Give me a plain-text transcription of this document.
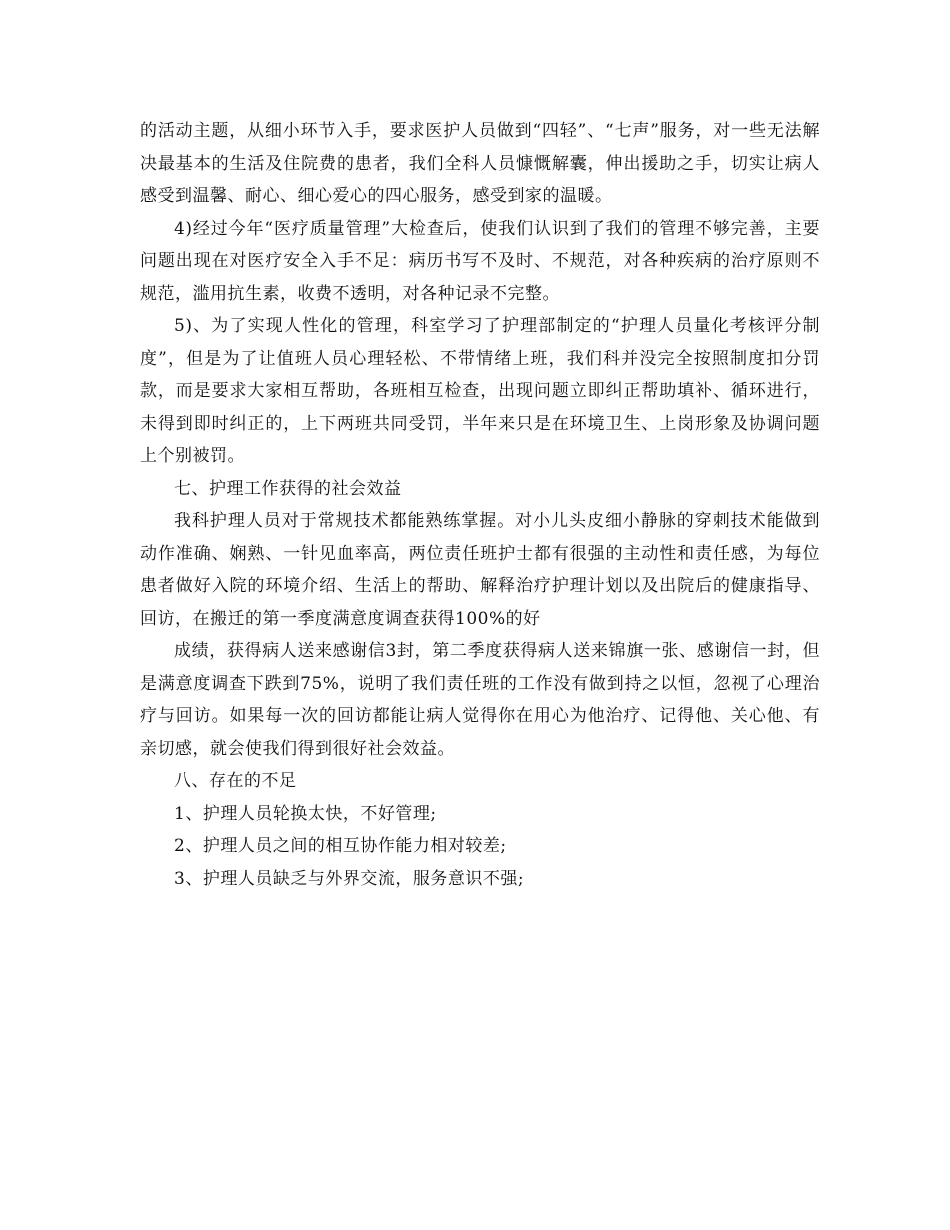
的活动主题，从细小环节入手，要求医护人员做到“四轻”、“七声”服务，对一些无法解决最基本的生活及住院费的患者，我们全科人员慷慨解囊，伸出援助之手，切实让病人感受到温馨、耐心、细心爱心的四心服务，感受到家的温暖。

4)经过今年“医疗质量管理”大检查后，使我们认识到了我们的管理不够完善，主要问题出现在对医疗安全入手不足：病历书写不及时、不规范，对各种疾病的治疗原则不规范，滥用抗生素，收费不透明，对各种记录不完整。

5)、为了实现人性化的管理，科室学习了护理部制定的“护理人员量化考核评分制度”，但是为了让值班人员心理轻松、不带情绪上班，我们科并没完全按照制度扣分罚款，而是要求大家相互帮助，各班相互检查，出现问题立即纠正帮助填补、循环进行，未得到即时纠正的，上下两班共同受罚，半年来只是在环境卫生、上岗形象及协调问题上个别被罚。

七、护理工作获得的社会效益

我科护理人员对于常规技术都能熟练掌握。对小儿头皮细小静脉的穿刺技术能做到动作准确、娴熟、一针见血率高，两位责任班护士都有很强的主动性和责任感，为每位患者做好入院的环境介绍、生活上的帮助、解释治疗护理计划以及出院后的健康指导、回访，在搬迁的第一季度满意度调查获得100%的好

成绩，获得病人送来感谢信3封，第二季度获得病人送来锦旗一张、感谢信一封，但是满意度调查下跌到75%，说明了我们责任班的工作没有做到持之以恒，忽视了心理治疗与回访。如果每一次的回访都能让病人觉得你在用心为他治疗、记得他、关心他、有亲切感，就会使我们得到很好社会效益。

八、存在的不足

1、护理人员轮换太快，不好管理;

2、护理人员之间的相互协作能力相对较差;

3、护理人员缺乏与外界交流，服务意识不强;
